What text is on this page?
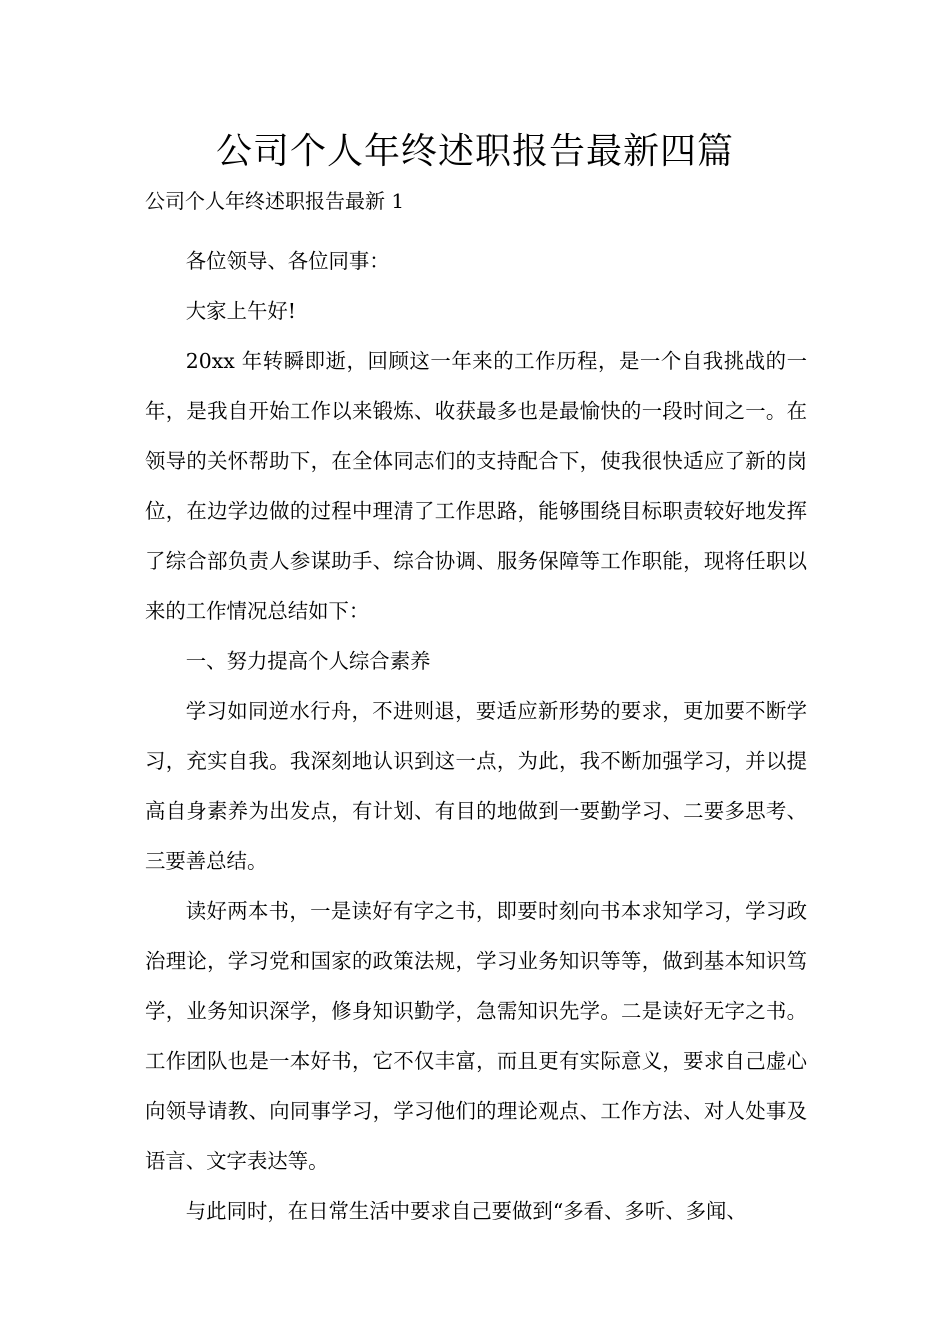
公司个人年终述职报告最新四篇
公司个人年终述职报告最新 1

各位领导、各位同事：

大家上午好!

20xx 年转瞬即逝，回顾这一年来的工作历程，是一个自我挑战的一年，是我自开始工作以来锻炼、收获最多也是最愉快的一段时间之一。在领导的关怀帮助下，在全体同志们的支持配合下，使我很快适应了新的岗位，在边学边做的过程中理清了工作思路，能够围绕目标职责较好地发挥了综合部负责人参谋助手、综合协调、服务保障等工作职能，现将任职以来的工作情况总结如下：

一、努力提高个人综合素养

学习如同逆水行舟，不进则退，要适应新形势的要求，更加要不断学习，充实自我。我深刻地认识到这一点，为此，我不断加强学习，并以提高自身素养为出发点，有计划、有目的地做到一要勤学习、二要多思考、三要善总结。

读好两本书，一是读好有字之书，即要时刻向书本求知学习，学习政治理论，学习党和国家的政策法规，学习业务知识等等，做到基本知识笃学，业务知识深学，修身知识勤学，急需知识先学。二是读好无字之书。工作团队也是一本好书，它不仅丰富，而且更有实际意义，要求自己虚心向领导请教、向同事学习，学习他们的理论观点、工作方法、对人处事及语言、文字表达等。

与此同时，在日常生活中要求自己要做到“多看、多听、多闻、
